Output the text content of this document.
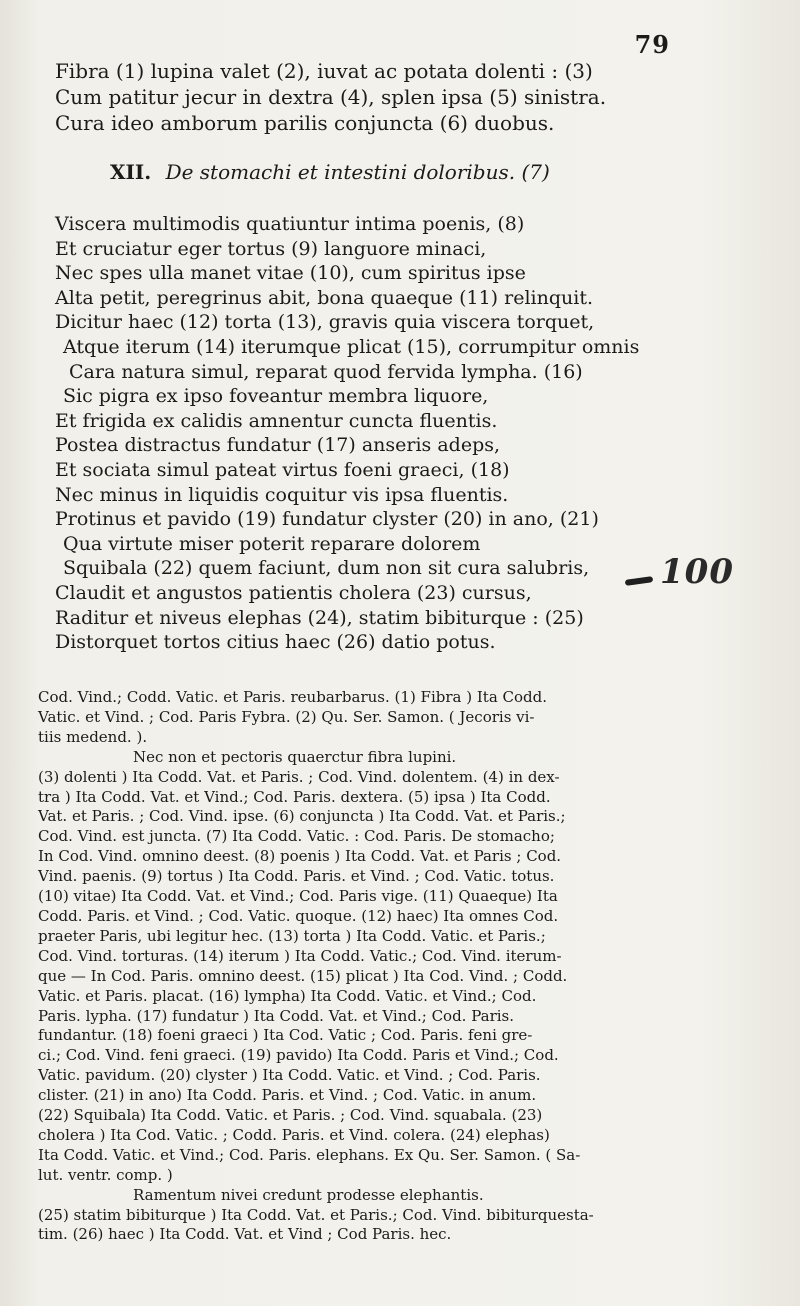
79
Fibra (1) lupina valet (2), iuvat ac potata dolenti : (3)
Cum patitur jecur in dextra (4), splen ipsa (5) sinistra.
Cura ideo amborum parilis conjuncta (6) duobus.
XII. De stomachi et intestini doloribus. (7)
Viscera multimodis quatiuntur intima poenis, (8)
Et cruciatur eger tortus (9) languore minaci,
Nec spes ulla manet vitae (10), cum spiritus ipse
Alta petit, peregrinus abit, bona quaeque (11) relinquit.
Dicitur haec (12) torta (13), gravis quia viscera torquet,
Atque iterum (14) iterumque plicat (15), corrumpitur omnis
Cara natura simul, reparat quod fervida lympha. (16)
Sic pigra ex ipso foveantur membra liquore,
Et frigida ex calidis amnentur cuncta fluentis.
Postea distractus fundatur (17) anseris adeps,
Et sociata simul pateat virtus foeni graeci, (18)
Nec minus in liquidis coquitur vis ipsa fluentis.
Protinus et pavido (19) fundatur clyster (20) in ano, (21)
Qua virtute miser poterit reparare dolorem
Squibala (22) quem faciunt, dum non sit cura salubris,
Claudit et angustos patientis cholera (23) cursus,
Raditur et niveus elephas (24), statim bibiturque : (25)
Distorquet tortos citius haec (26) datio potus.
100
Cod. Vind.; Codd. Vatic. et Paris. reubarbarus. (1) Fibra ) Ita Codd.
Vatic. et Vind. ; Cod. Paris Fybra. (2) Qu. Ser. Samon. ( Jecoris vi-
tiis medend. ).
Nec non et pectoris quaerctur fibra lupini.
(3) dolenti ) Ita Codd. Vat. et Paris. ; Cod. Vind. dolentem. (4) in dex-
tra ) Ita Codd. Vat. et Vind.; Cod. Paris. dextera. (5) ipsa ) Ita Codd.
Vat. et Paris. ; Cod. Vind. ipse. (6) conjuncta ) Ita Codd. Vat. et Paris.;
Cod. Vind. est juncta. (7) Ita Codd. Vatic. : Cod. Paris. De stomacho;
In Cod. Vind. omnino deest. (8) poenis ) Ita Codd. Vat. et Paris ; Cod.
Vind. paenis. (9) tortus ) Ita Codd. Paris. et Vind. ; Cod. Vatic. totus.
(10) vitae) Ita Codd. Vat. et Vind.; Cod. Paris vige. (11) Quaeque) Ita
Codd. Paris. et Vind. ; Cod. Vatic. quoque. (12) haec) Ita omnes Cod.
praeter Paris, ubi legitur hec. (13) torta ) Ita Codd. Vatic. et Paris.;
Cod. Vind. torturas. (14) iterum ) Ita Codd. Vatic.; Cod. Vind. iterum-
que — In Cod. Paris. omnino deest. (15) plicat ) Ita Cod. Vind. ; Codd.
Vatic. et Paris. placat. (16) lympha) Ita Codd. Vatic. et Vind.; Cod.
Paris. lypha. (17) fundatur ) Ita Codd. Vat. et Vind.; Cod. Paris.
fundantur. (18) foeni graeci ) Ita Cod. Vatic ; Cod. Paris. feni gre-
ci.; Cod. Vind. feni graeci. (19) pavido) Ita Codd. Paris et Vind.; Cod.
Vatic. pavidum. (20) clyster ) Ita Codd. Vatic. et Vind. ; Cod. Paris.
clister. (21) in ano) Ita Codd. Paris. et Vind. ; Cod. Vatic. in anum.
(22) Squibala) Ita Codd. Vatic. et Paris. ; Cod. Vind. squabala. (23)
cholera ) Ita Cod. Vatic. ; Codd. Paris. et Vind. colera. (24) elephas)
Ita Codd. Vatic. et Vind.; Cod. Paris. elephans. Ex Qu. Ser. Samon. ( Sa-
lut. ventr. comp. )
Ramentum nivei credunt prodesse elephantis.
(25) statim bibiturque ) Ita Codd. Vat. et Paris.; Cod. Vind. bibiturquesta-
tim. (26) haec ) Ita Codd. Vat. et Vind ; Cod Paris. hec.
